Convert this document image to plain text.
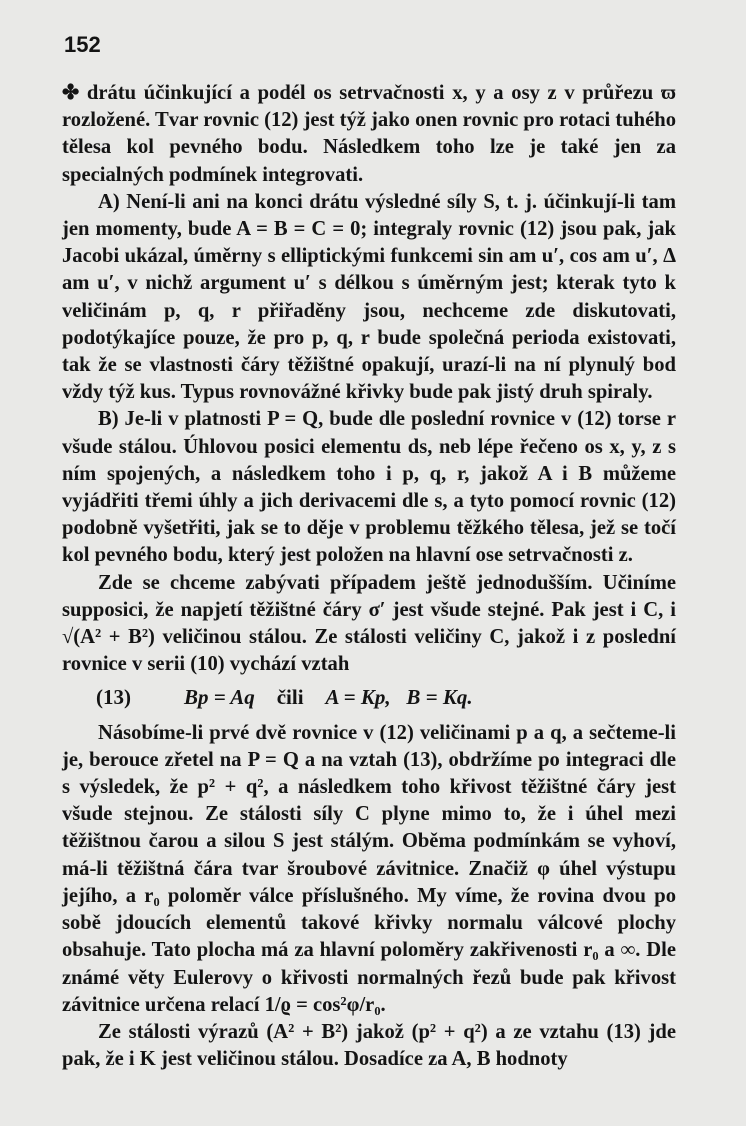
152

✤ drátu účinkující a podél os setrvačnosti x, y a osy z v průřezu ϖ rozložené. Tvar rovnic (12) jest týž jako onen rovnic pro rotaci tuhého tělesa kol pevného bodu. Následkem toho lze je také jen za specialných podmínek integrovati.

A) Není-li ani na konci drátu výsledné síly S, t. j. účinkují-li tam jen momenty, bude A = B = C = 0; integraly rovnic (12) jsou pak, jak Jacobi ukázal, úměrny s elliptickými funkcemi sin am u′, cos am u′, Δ am u′, v nichž argument u′ s délkou s úměrným jest; kterak tyto k veličinám p, q, r přiřaděny jsou, nechceme zde diskutovati, podotýkajíce pouze, že pro p, q, r bude společná perioda existovati, tak že se vlastnosti čáry těžištné opakují, urazí-li na ní plynulý bod vždy týž kus. Typus rovnovážné křivky bude pak jistý druh spiraly.

B) Je-li v platnosti P = Q, bude dle poslední rovnice v (12) torse r všude stálou. Úhlovou posici elementu ds, neb lépe řečeno os x, y, z s ním spojených, a následkem toho i p, q, r, jakož A i B můžeme vyjádřiti třemi úhly a jich derivacemi dle s, a tyto pomocí rovnic (12) podobně vyšetřiti, jak se to děje v problemu těžkého tělesa, jež se točí kol pevného bodu, který jest položen na hlavní ose setrvačnosti z.

Zde se chceme zabývati případem ještě jednodušším. Učiníme supposici, že napjetí těžištné čáry σ′ jest všude stejné. Pak jest i C, i √(A² + B²) veličinou stálou. Ze stálosti veličiny C, jakož i z poslední rovnice v serii (10) vychází vztah

(13)	Bp = Aq čili A = Kp,   B = Kq.

Násobíme-li prvé dvě rovnice v (12) veličinami p a q, a sečteme-li je, berouce zřetel na P = Q a na vztah (13), obdržíme po integraci dle s výsledek, že p² + q², a následkem toho křivost těžištné čáry jest všude stejnou. Ze stálosti síly C plyne mimo to, že i úhel mezi těžištnou čarou a silou S jest stálým. Oběma podmínkám se vyhoví, má-li těžištná čára tvar šroubové závitnice. Značiž φ úhel výstupu jejího, a r₀ poloměr válce příslušného. My víme, že rovina dvou po sobě jdoucích elementů takové křivky normalu válcové plochy obsahuje. Tato plocha má za hlavní poloměry zakřivenosti r₀ a ∞. Dle známé věty Eulerovy o křivosti normalných řezů bude pak křivost závitnice určena relací 1/ϱ = cos²φ/r₀.

Ze stálosti výrazů (A² + B²) jakož (p² + q²) a ze vztahu (13) jde pak, že i K jest veličinou stálou. Dosadíce za A, B hodnoty
